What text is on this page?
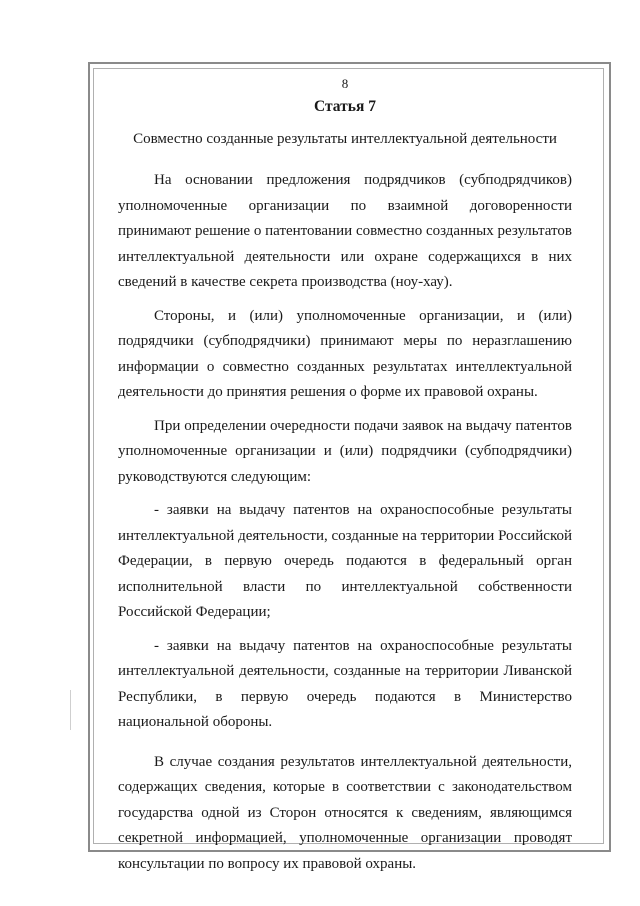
8
Статья 7
Совместно созданные результаты интеллектуальной деятельности

На основании предложения подрядчиков (субподрядчиков) уполномоченные организации по взаимной договоренности принимают решение о патентовании совместно созданных результатов интеллектуальной деятельности или охране содержащихся в них сведений в качестве секрета производства (ноу-хау).

Стороны, и (или) уполномоченные организации, и (или) подрядчики (субподрядчики) принимают меры по неразглашению информации о совместно созданных результатах интеллектуальной деятельности до принятия решения о форме их правовой охраны.

При определении очередности подачи заявок на выдачу патентов уполномоченные организации и (или) подрядчики (субподрядчики) руководствуются следующим:

- заявки на выдачу патентов на охраноспособные результаты интеллектуальной деятельности, созданные на территории Российской Федерации, в первую очередь подаются в федеральный орган исполнительной власти по интеллектуальной собственности Российской Федерации;

- заявки на выдачу патентов на охраноспособные результаты интеллектуальной деятельности, созданные на территории Ливанской Республики, в первую очередь подаются в Министерство национальной обороны.

В случае создания результатов интеллектуальной деятельности, содержащих сведения, которые в соответствии с законодательством государства одной из Сторон относятся к сведениям, являющимся секретной информацией, уполномоченные организации проводят консультации по вопросу их правовой охраны.
